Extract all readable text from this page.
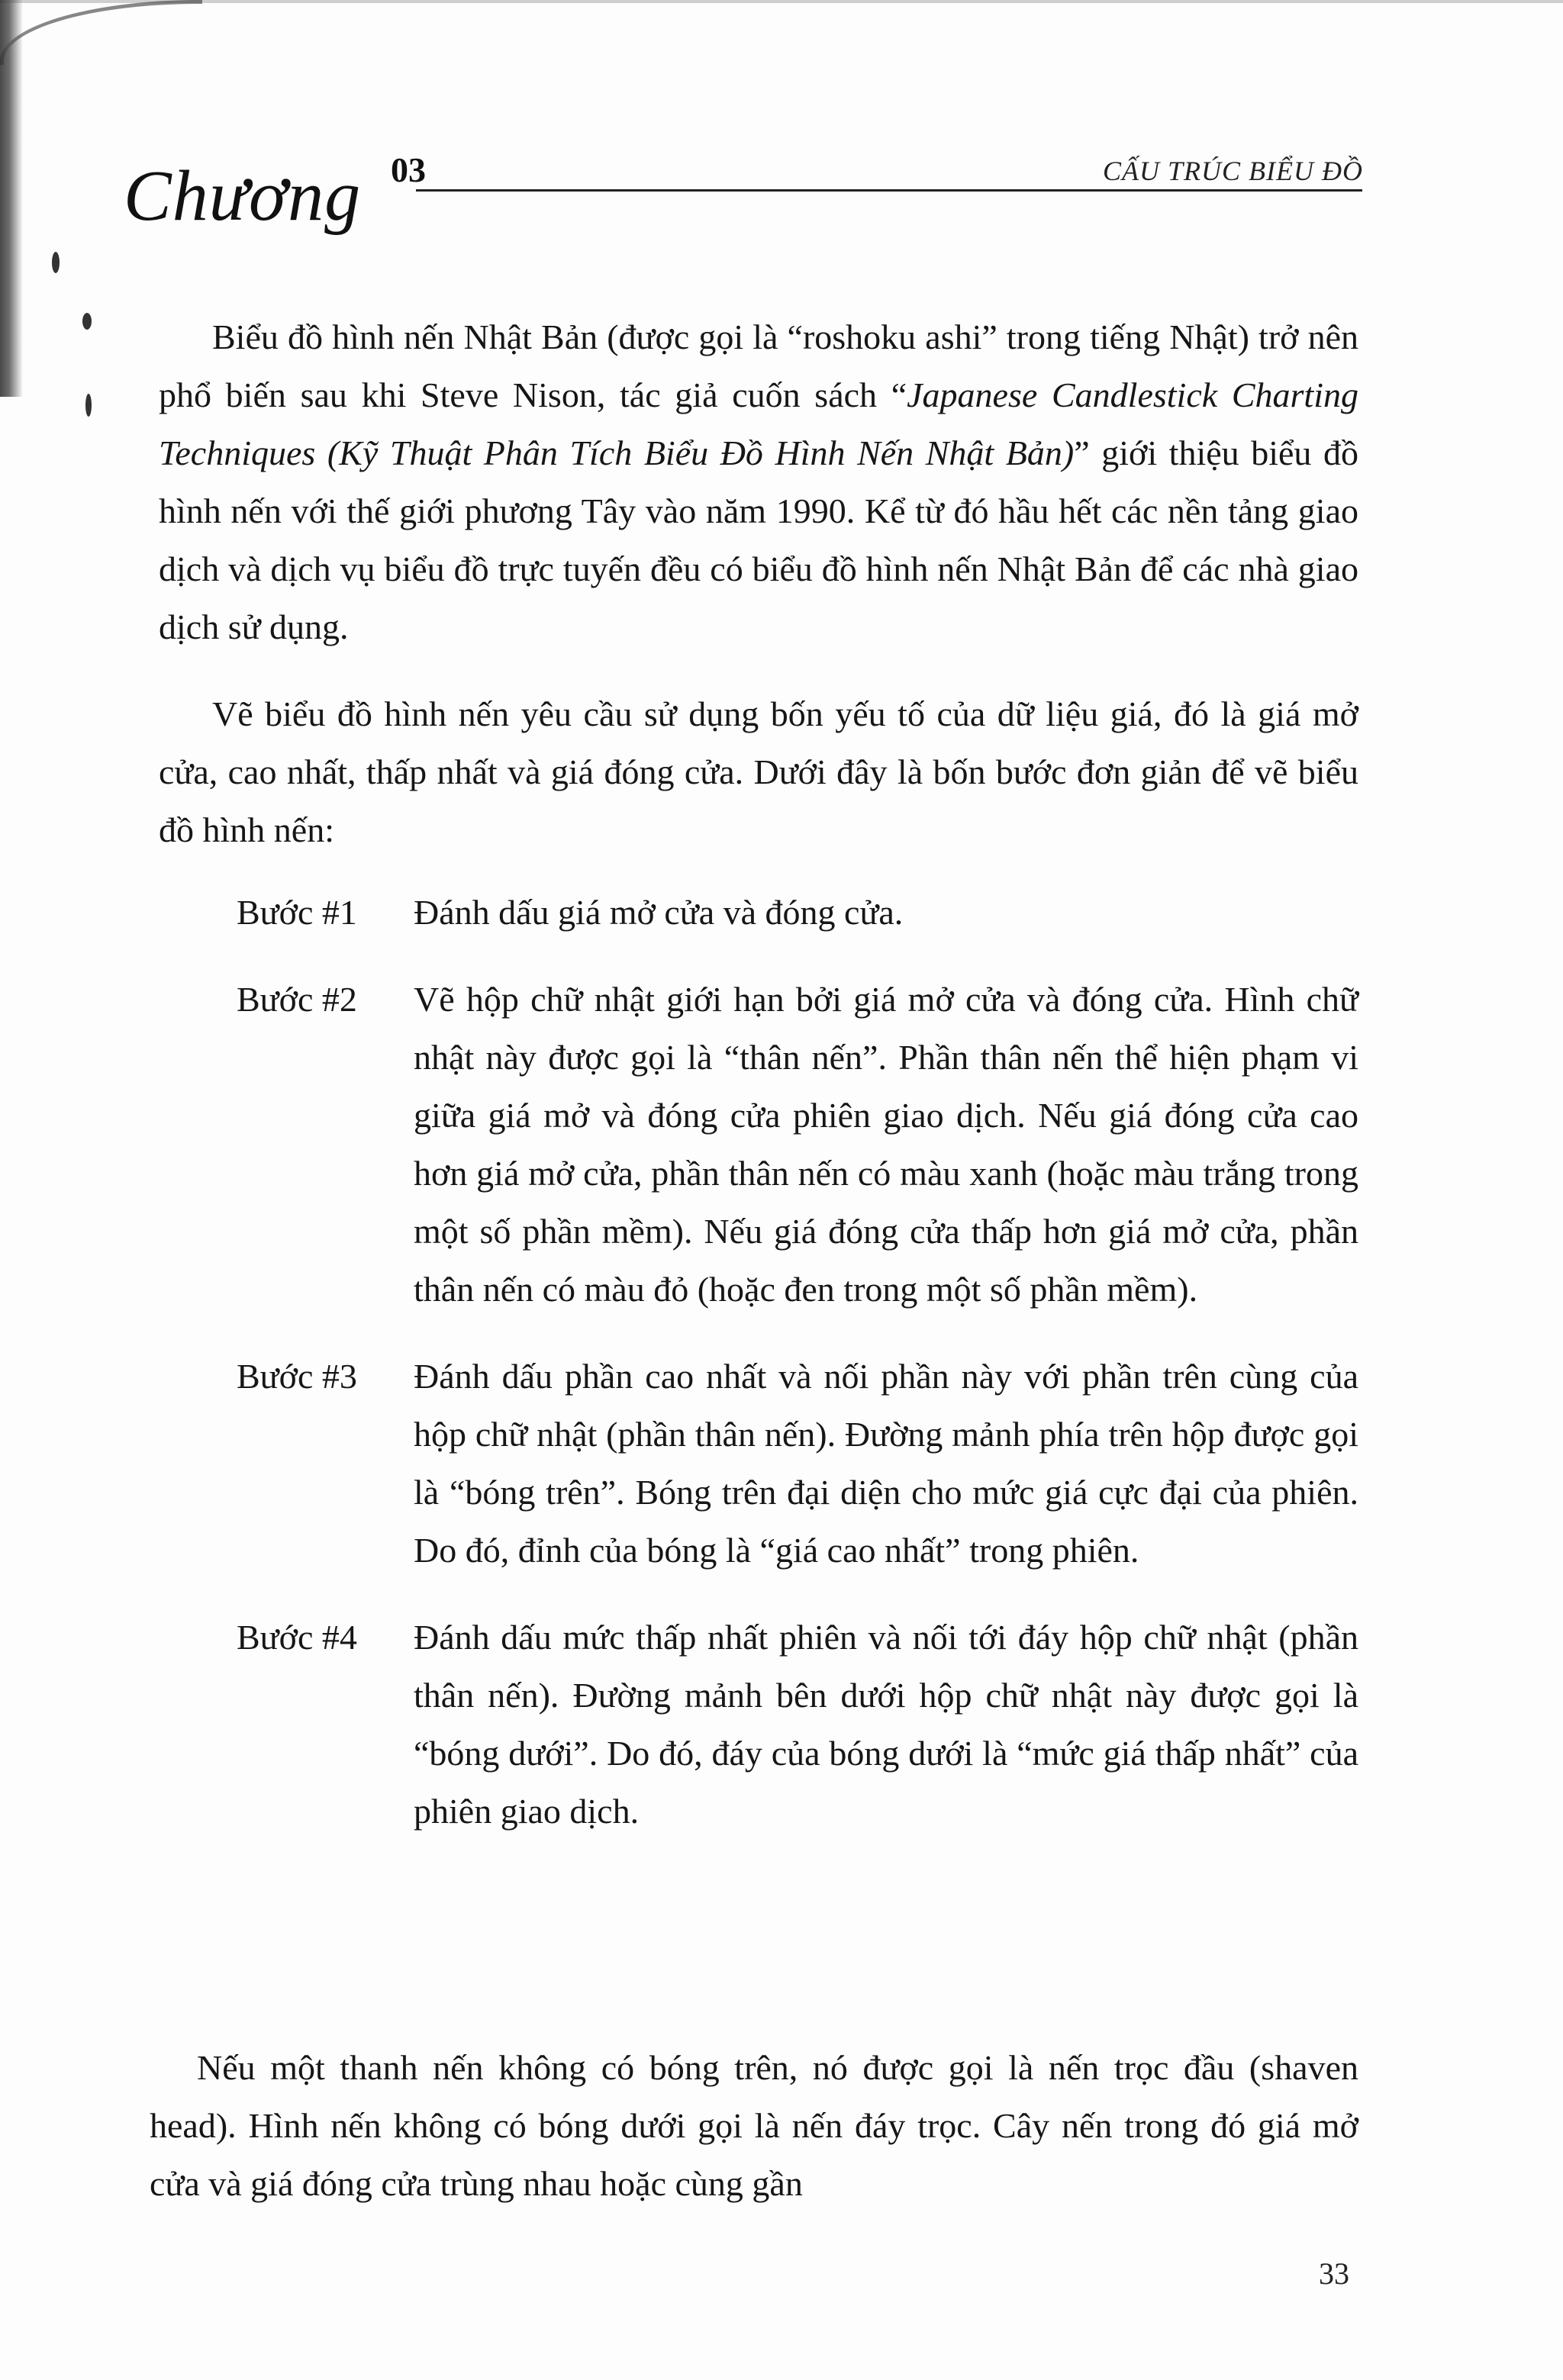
Chương 03	CẤU TRÚC BIỂU ĐỒ

Biểu đồ hình nến Nhật Bản (được gọi là “roshoku ashi” trong tiếng Nhật) trở nên phổ biến sau khi Steve Nison, tác giả cuốn sách “Japanese Candlestick Charting Techniques (Kỹ Thuật Phân Tích Biểu Đồ Hình Nến Nhật Bản)” giới thiệu biểu đồ hình nến với thế giới phương Tây vào năm 1990. Kể từ đó hầu hết các nền tảng giao dịch và dịch vụ biểu đồ trực tuyến đều có biểu đồ hình nến Nhật Bản để các nhà giao dịch sử dụng.

Vẽ biểu đồ hình nến yêu cầu sử dụng bốn yếu tố của dữ liệu giá, đó là giá mở cửa, cao nhất, thấp nhất và giá đóng cửa. Dưới đây là bốn bước đơn giản để vẽ biểu đồ hình nến:

Bước #1	Đánh dấu giá mở cửa và đóng cửa.
Bước #2	Vẽ hộp chữ nhật giới hạn bởi giá mở cửa và đóng cửa. Hình chữ nhật này được gọi là “thân nến”. Phần thân nến thể hiện phạm vi giữa giá mở và đóng cửa phiên giao dịch. Nếu giá đóng cửa cao hơn giá mở cửa, phần thân nến có màu xanh (hoặc màu trắng trong một số phần mềm). Nếu giá đóng cửa thấp hơn giá mở cửa, phần thân nến có màu đỏ (hoặc đen trong một số phần mềm).
Bước #3	Đánh dấu phần cao nhất và nối phần này với phần trên cùng của hộp chữ nhật (phần thân nến). Đường mảnh phía trên hộp được gọi là “bóng trên”. Bóng trên đại diện cho mức giá cực đại của phiên. Do đó, đỉnh của bóng là “giá cao nhất” trong phiên.
Bước #4	Đánh dấu mức thấp nhất phiên và nối tới đáy hộp chữ nhật (phần thân nến). Đường mảnh bên dưới hộp chữ nhật này được gọi là “bóng dưới”. Do đó, đáy của bóng dưới là “mức giá thấp nhất” của phiên giao dịch.

Nếu một thanh nến không có bóng trên, nó được gọi là nến trọc đầu (shaven head). Hình nến không có bóng dưới gọi là nến đáy trọc. Cây nến trong đó giá mở cửa và giá đóng cửa trùng nhau hoặc cùng gần

33
